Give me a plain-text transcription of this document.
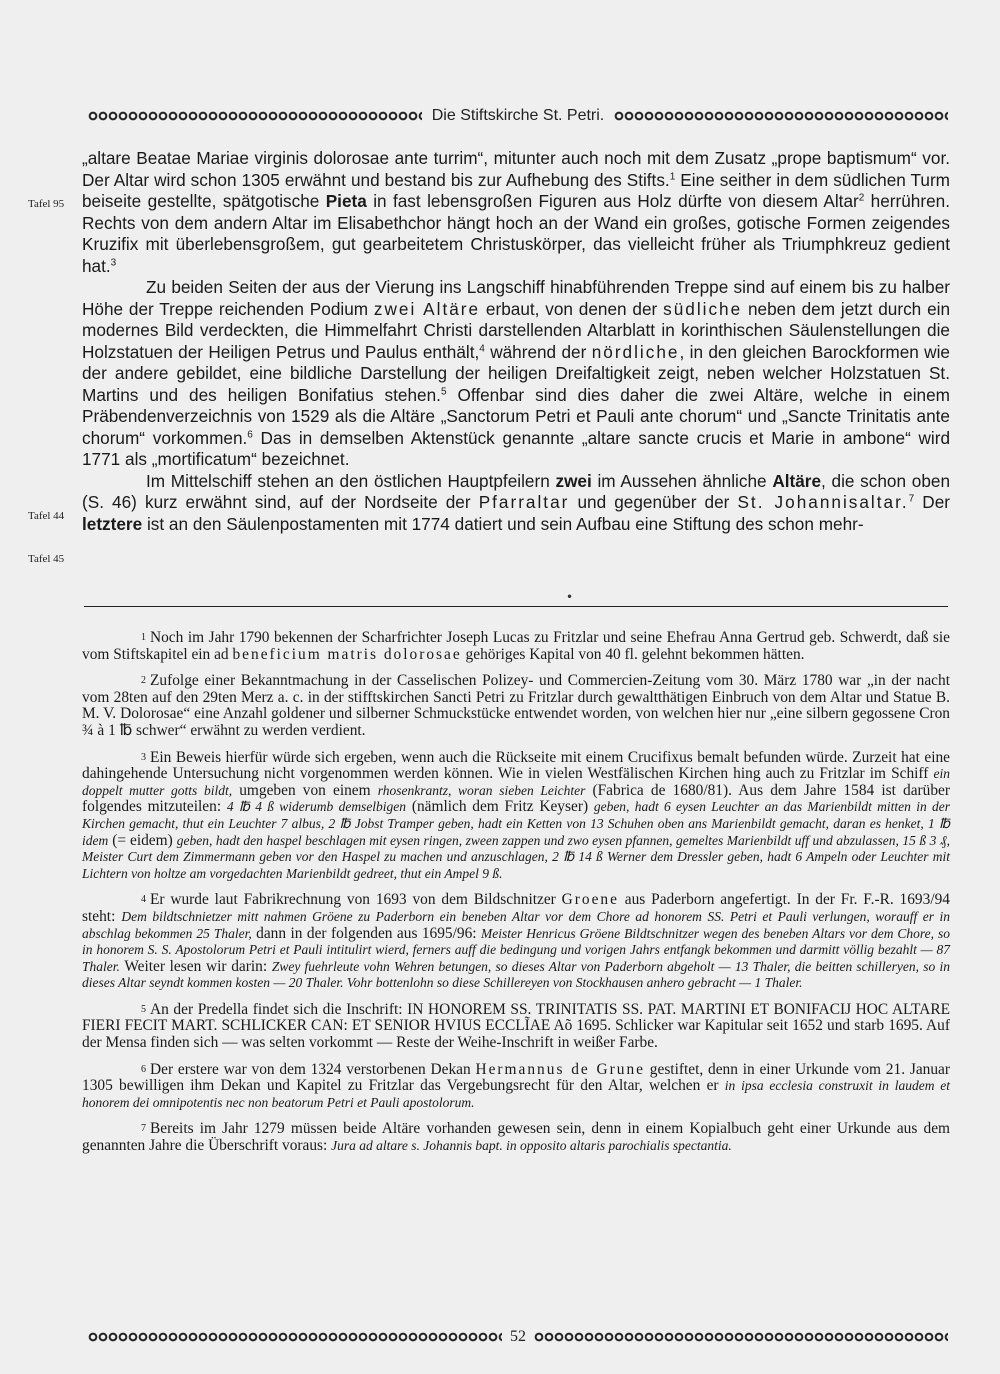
Die Stiftskirche St. Petri.
Tafel 95
Tafel 44
Tafel 45

„altare Beatae Mariae virginis dolorosae ante turrim“, mitunter auch noch mit dem Zusatz „prope baptismum“ vor. Der Altar wird schon 1305 erwähnt und bestand bis zur Aufhebung des Stifts.$^1$ Eine seither in dem südlichen Turm beiseite gestellte, spätgotische Pieta in fast lebensgroßen Figuren aus Holz dürfte von diesem Altar$^2$ herrühren. Rechts von dem andern Altar im Elisabethchor hängt hoch an der Wand ein großes, gotische Formen zeigendes Kruzifix mit überlebensgroßem, gut gearbeitetem Christuskörper, das vielleicht früher als Triumphkreuz gedient hat.$^3$

Zu beiden Seiten der aus der Vierung ins Langschiff hinabführenden Treppe sind auf einem bis zu halber Höhe der Treppe reichenden Podium zwei Altäre erbaut, von denen der südliche neben dem jetzt durch ein modernes Bild verdeckten, die Himmelfahrt Christi darstellenden Altarblatt in korinthischen Säulenstellungen die Holzstatuen der Heiligen Petrus und Paulus enthält,$^4$ während der nördliche, in den gleichen Barockformen wie der andere gebildet, eine bildliche Darstellung der heiligen Dreifaltigkeit zeigt, neben welcher Holzstatuen St. Martins und des heiligen Bonifatius stehen.$^5$ Offenbar sind dies daher die zwei Altäre, welche in einem Präbendenverzeichnis von 1529 als die Altäre „Sanctorum Petri et Pauli ante chorum“ und „Sancte Trinitatis ante chorum“ vorkommen.$^6$ Das in demselben Aktenstück genannte „altare sancte crucis et Marie in ambone“ wird 1771 als „mortificatum“ bezeichnet.

Im Mittelschiff stehen an den östlichen Hauptpfeilern zwei im Aussehen ähnliche Altäre, die schon oben (S. 46) kurz erwähnt sind, auf der Nordseite der Pfarraltar und gegenüber der St. Johannisaltar.$^7$ Der letztere ist an den Säulenpostamenten mit 1774 datiert und sein Aufbau eine Stiftung des schon mehr-

•

1 Noch im Jahr 1790 bekennen der Scharfrichter Joseph Lucas zu Fritzlar und seine Ehefrau Anna Gertrud geb. Schwerdt, daß sie vom Stiftskapitel ein ad beneficium matris dolorosae gehöriges Kapital von 40 fl. gelehnt bekommen hätten.

2 Zufolge einer Bekanntmachung in der Casselischen Polizey- und Commercien-Zeitung vom 30. März 1780 war „in der nacht vom 28ten auf den 29ten Merz a. c. in der stifftskirchen Sancti Petri zu Fritzlar durch gewaltthätigen Einbruch von dem Altar und Statue B. M. V. Dolorosae“ eine Anzahl goldener und silberner Schmuckstücke entwendet worden, von welchen hier nur „eine silbern gegossene Cron ¾ à 1 ℔ schwer“ erwähnt zu werden verdient.

3 Ein Beweis hierfür würde sich ergeben, wenn auch die Rückseite mit einem Crucifixus bemalt befunden würde. Zurzeit hat eine dahingehende Untersuchung nicht vorgenommen werden können. Wie in vielen Westfälischen Kirchen hing auch zu Fritzlar im Schiff ein doppelt mutter gotts bildt, umgeben von einem rhosenkrantz, woran sieben Leichter (Fabrica de 1680/81). Aus dem Jahre 1584 ist darüber folgendes mitzuteilen: 4 ℔ 4 ß widerumb demselbigen (nämlich dem Fritz Keyser) geben, hadt 6 eysen Leuchter an das Marienbildt mitten in der Kirchen gemacht, thut ein Leuchter 7 albus, 2 ℔ Jobst Tramper geben, hadt ein Ketten von 13 Schuhen oben ans Marienbildt gemacht, daran es henket, 1 ℔ idem (= eidem) geben, hadt den haspel beschlagen mit eysen ringen, zween zappen und zwo eysen pfannen, gemeltes Marienbildt uff und abzulassen, 15 ß 3 ₰, Meister Curt dem Zimmermann geben vor den Haspel zu machen und anzuschlagen, 2 ℔ 14 ß Werner dem Dressler geben, hadt 6 Ampeln oder Leuchter mit Lichtern von holtze am vorgedachten Marienbildt gedreet, thut ein Ampel 9 ß.

4 Er wurde laut Fabrikrechnung von 1693 von dem Bildschnitzer Groene aus Paderborn angefertigt. In der Fr. F.-R. 1693/94 steht: Dem bildtschnietzer mitt nahmen Gröene zu Paderborn ein beneben Altar vor dem Chore ad honorem SS. Petri et Pauli verlungen, worauff er in abschlag bekommen 25 Thaler, dann in der folgenden aus 1695/96: Meister Henricus Gröene Bildtschnitzer wegen des beneben Altars vor dem Chore, so in honorem S. S. Apostolorum Petri et Pauli intitulirt wierd, ferners auff die bedingung und vorigen Jahrs entfangk bekommen und darmitt völlig bezahlt — 87 Thaler. Weiter lesen wir darin: Zwey fuehrleute vohn Wehren betungen, so dieses Altar von Paderborn abgeholt — 13 Thaler, die beitten schilleryen, so in dieses Altar seyndt kommen kosten — 20 Thaler. Vohr bottenlohn so diese Schillereyen von Stockhausen anhero gebracht — 1 Thaler.

5 An der Predella findet sich die Inschrift: IN HONOREM SS. TRINITATIS SS. PAT. MARTINI ET BONIFACIJ HOC ALTARE FIERI FECIT MART. SCHLICKER CAN: ET SENIOR HVIUS ECCLĨAE Aõ 1695. Schlicker war Kapitular seit 1652 und starb 1695. Auf der Mensa finden sich — was selten vorkommt — Reste der Weihe-Inschrift in weißer Farbe.

6 Der erstere war von dem 1324 verstorbenen Dekan Hermannus de Grune gestiftet, denn in einer Urkunde vom 21. Januar 1305 bewilligen ihm Dekan und Kapitel zu Fritzlar das Vergebungsrecht für den Altar, welchen er in ipsa ecclesia construxit in laudem et honorem dei omnipotentis nec non beatorum Petri et Pauli apostolorum.

7 Bereits im Jahr 1279 müssen beide Altäre vorhanden gewesen sein, denn in einem Kopialbuch geht einer Urkunde aus dem genannten Jahre die Überschrift voraus: Jura ad altare s. Johannis bapt. in opposito altaris parochialis spectantia.

52
